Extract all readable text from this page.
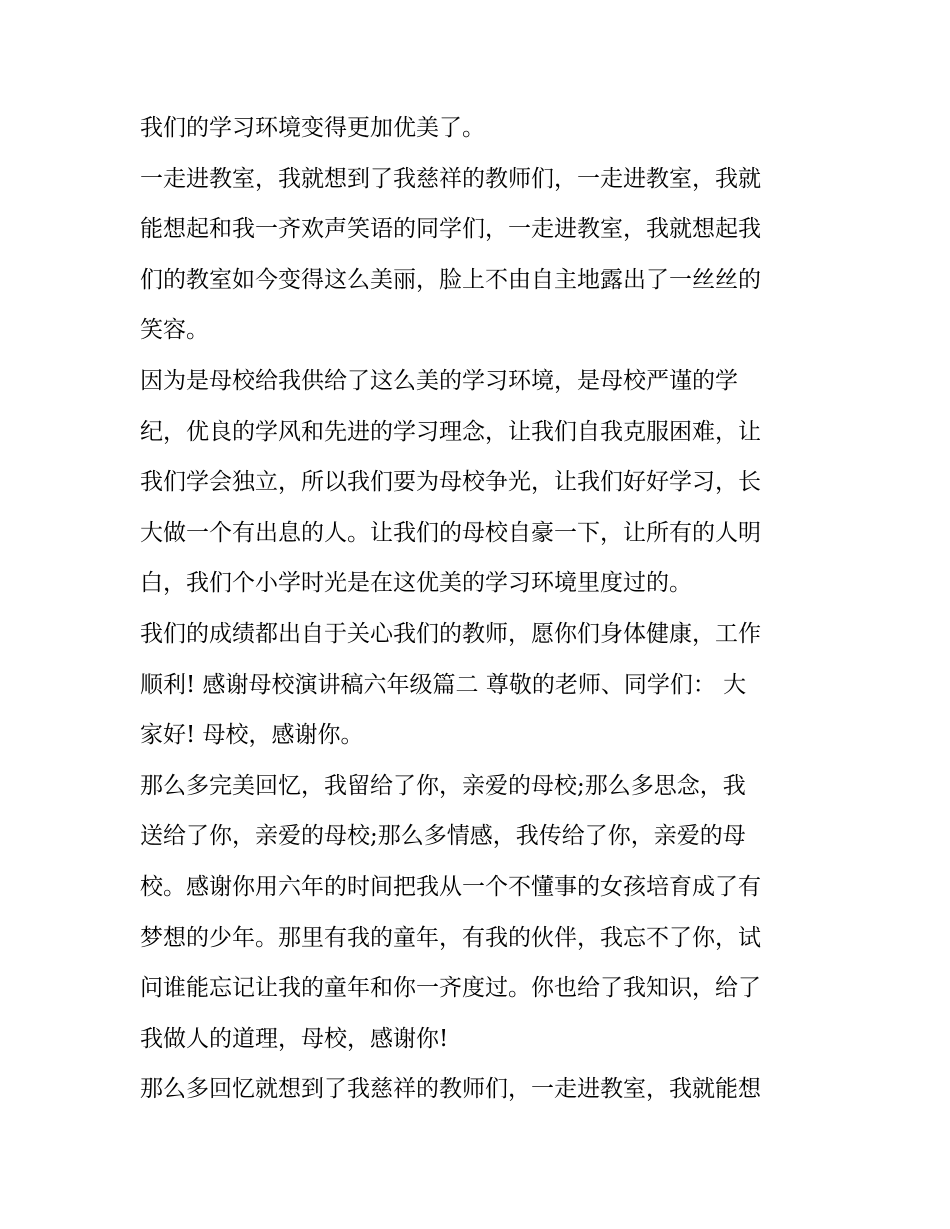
我们的学习环境变得更加优美了。
一走进教室，我就想到了我慈祥的教师们，一走进教室，我就
能想起和我一齐欢声笑语的同学们，一走进教室，我就想起我
们的教室如今变得这么美丽，脸上不由自主地露出了一丝丝的
笑容。
因为是母校给我供给了这么美的学习环境，是母校严谨的学
纪，优良的学风和先进的学习理念，让我们自我克服困难，让
我们学会独立，所以我们要为母校争光，让我们好好学习，长
大做一个有出息的人。让我们的母校自豪一下，让所有的人明
白，我们个小学时光是在这优美的学习环境里度过的。
我们的成绩都出自于关心我们的教师，愿你们身体健康，工作
顺利! 感谢母校演讲稿六年级篇二 尊敬的老师、同学们： 大
家好! 母校，感谢你。
那么多完美回忆，我留给了你，亲爱的母校;那么多思念，我
送给了你，亲爱的母校;那么多情感，我传给了你，亲爱的母
校。感谢你用六年的时间把我从一个不懂事的女孩培育成了有
梦想的少年。那里有我的童年，有我的伙伴，我忘不了你，试
问谁能忘记让我的童年和你一齐度过。你也给了我知识，给了
我做人的道理，母校，感谢你!
那么多回忆就想到了我慈祥的教师们，一走进教室，我就能想
